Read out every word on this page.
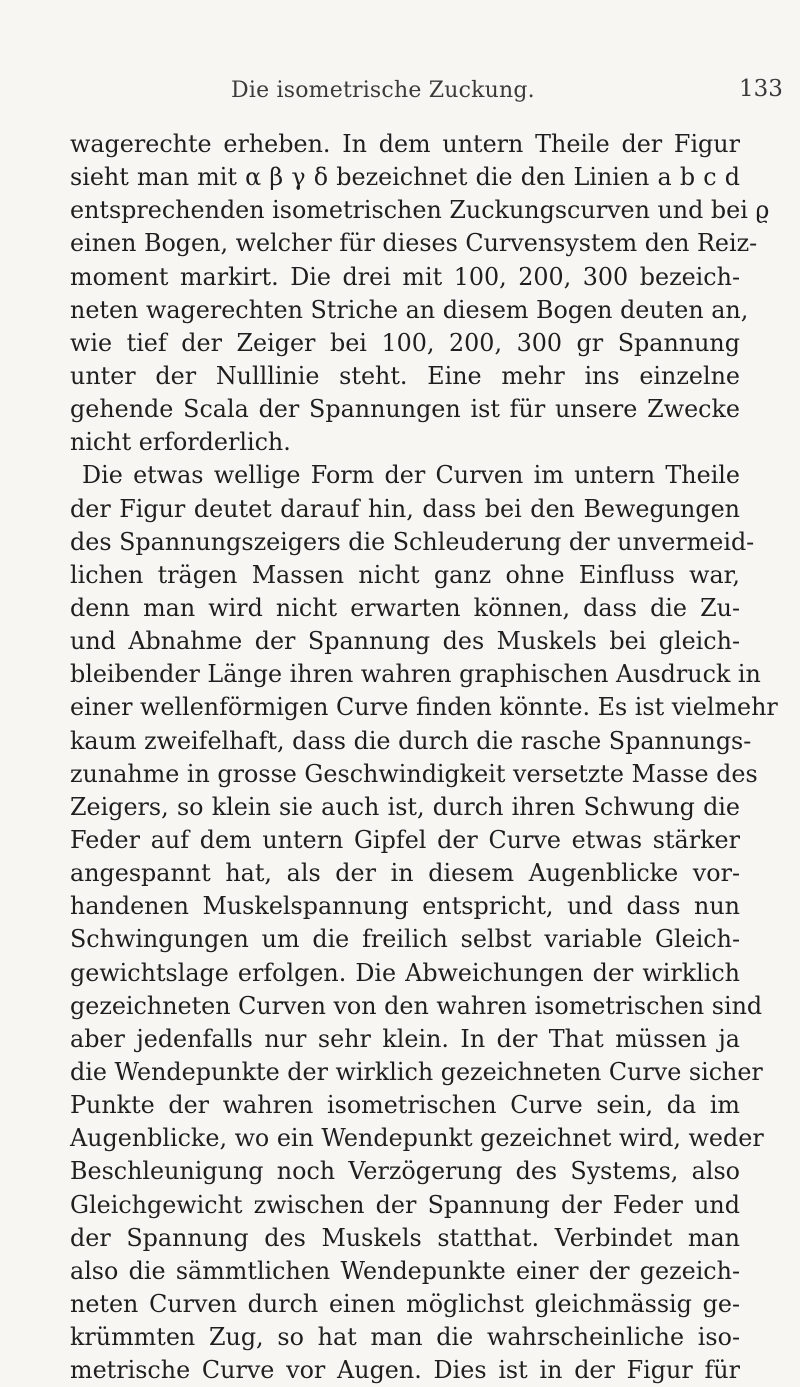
Die isometrische Zuckung.	133
wagerechte erheben. In dem untern Theile der Figur
sieht man mit α β γ δ bezeichnet die den Linien a b c d
entsprechenden isometrischen Zuckungscurven und bei ϱ
einen Bogen, welcher für dieses Curvensystem den Reiz-
moment markirt. Die drei mit 100, 200, 300 bezeich-
neten wagerechten Striche an diesem Bogen deuten an,
wie tief der Zeiger bei 100, 200, 300 gr Spannung
unter der Nulllinie steht. Eine mehr ins einzelne
gehende Scala der Spannungen ist für unsere Zwecke
nicht erforderlich.
Die etwas wellige Form der Curven im untern Theile
der Figur deutet darauf hin, dass bei den Bewegungen
des Spannungszeigers die Schleuderung der unvermeid-
lichen trägen Massen nicht ganz ohne Einfluss war,
denn man wird nicht erwarten können, dass die Zu-
und Abnahme der Spannung des Muskels bei gleich-
bleibender Länge ihren wahren graphischen Ausdruck in
einer wellenförmigen Curve finden könnte. Es ist vielmehr
kaum zweifelhaft, dass die durch die rasche Spannungs-
zunahme in grosse Geschwindigkeit versetzte Masse des
Zeigers, so klein sie auch ist, durch ihren Schwung die
Feder auf dem untern Gipfel der Curve etwas stärker
angespannt hat, als der in diesem Augenblicke vor-
handenen Muskelspannung entspricht, und dass nun
Schwingungen um die freilich selbst variable Gleich-
gewichtslage erfolgen. Die Abweichungen der wirklich
gezeichneten Curven von den wahren isometrischen sind
aber jedenfalls nur sehr klein. In der That müssen ja
die Wendepunkte der wirklich gezeichneten Curve sicher
Punkte der wahren isometrischen Curve sein, da im
Augenblicke, wo ein Wendepunkt gezeichnet wird, weder
Beschleunigung noch Verzögerung des Systems, also
Gleichgewicht zwischen der Spannung der Feder und
der Spannung des Muskels statthat. Verbindet man
also die sämmtlichen Wendepunkte einer der gezeich-
neten Curven durch einen möglichst gleichmässig ge-
krümmten Zug, so hat man die wahrscheinliche iso-
metrische Curve vor Augen. Dies ist in der Figur für
